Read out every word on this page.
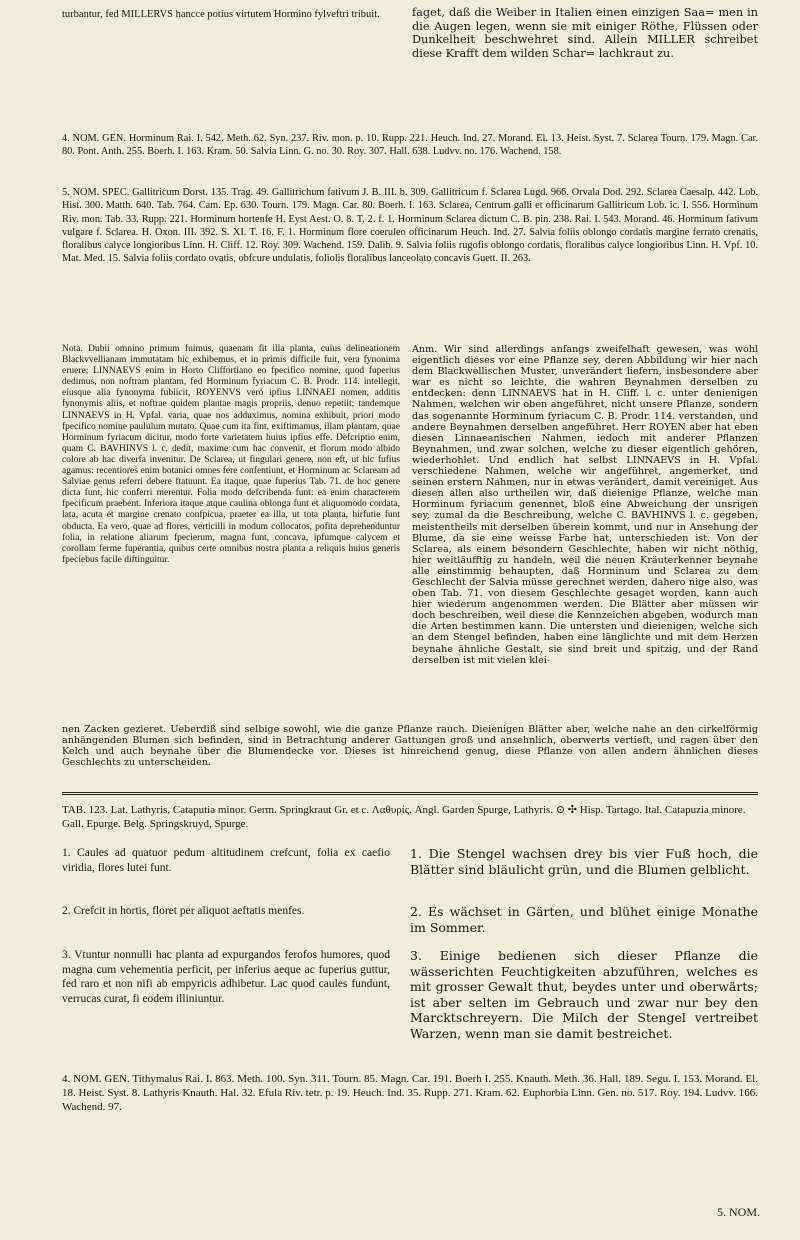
turbantur, fed MILLERVS hancce potius virtutem Hormino fylveftri tribuit.	faget, daß die Weiber in Italien einen einzigen Saa= men in die Augen legen, wenn sie mit einiger Röthe, Flüssen oder Dunkelheit beschwehret sind. Allein MILLER schreibet diese Krafft dem wilden Schar= lachkraut zu.
4. NOM. GEN. Horminum Rai. I. 542. Meth. 62. Syn. 237. Riv. mon. p. 10. Rupp. 221. Heuch. Ind. 27. Morand. El. 13. Heist. Syst. 7. Sclarea Tourn. 179. Magn. Car. 80. Pont. Anth. 255. Boerh. I. 163. Kram. 50. Salvia Linn. G. no. 30. Roy. 307. Hall. 638. Ludvv. no. 176. Wachend. 158.
5. NOM. SPEC. Gallitricum Dorst. 135. Trag. 49. Gallitrichum fativum J. B. III. b. 309. Gallitricum f. Sclarea Lugd. 966. Orvala Dod. 292. Sclarea Caesalp. 442. Lob. Hist. 300. Matth. 640. Tab. 764. Cam. Ep. 630. Tourn. 179. Magn. Car. 80. Boerh. I. 163. Sclarea, Centrum galli et officinarum Gallitricum Lob. ic. I. 556. Horminum Riv. mon. Tab. 33. Rupp. 221. Horminum hortenfe H. Eyst Aest. O. 8. T. 2. f. 1. Horminum Sclarea dictum C. B. pin. 238. Rai. I. 543. Morand. 46. Horminum fativum vulgare f. Sclarea. H. Oxon. III. 392. S. XI. T. 16. F. 1. Horminum flore coeruleo officinarum Heuch. Ind. 27. Salvia foliis oblongo cordatis margine ferrato crenatis, floralibus calyce longioribus Linn. H. Cliff. 12. Roy. 309. Wachend. 159. Dalib. 9. Salvia foliis rugofis oblongo cordatis, floralibus calyce longioribus Linn. H. Vpf. 10. Mat. Med. 15. Salvia foliis cordato ovatis, obfcure undulatis, foliolis floralibus lanceolato concavis Guett. II. 263.
Nota. Dubii omnino primum fuimus, quaenam fit illa planta, cuius delineationem Blackvvellianam immutatam hic exhibemus, et in primis difficile fuit, vera fynonima eruere; LINNAEVS enim in Horto Cliffortiano eo fpecifico nomine, quod fuperius dedimus, non noftram plantam, fed Horminum fyriacum C. B. Prodr. 114. intellegit, eiusque alia fynonyma fubiicit, ROYENVS veró ipfius LINNAEI nomen, additis fynonymis aliis, et noftrae quidem plantae magis propriis, denuo repetiit; tandemque LINNAEVS in H. Vpfal. varia, quae nos adduximus, nomina exhibuit, priori modo fpecifico nomine paululum mutato. Quae cum ita fint, exiftimamus, illam plantam, quae Horminum fyriacum dicitur, modo forte varietatem huius ipfius effe. Defcriptio enim, quam C. BAVHINVS l. c. dedit, maxime cum hac convenit, et florum modo albido colore ab hac diverfa invenitur. De Sclarea, ut fingulari genere, non eft, ut hic fufius agamus: recentiores enim botanici omnes fere confentiunt, et Horminum ac Sclaream ad Salviae genus referri debere ftatuunt. Ea itaque, quae fuperius Tab. 71. de hoc genere dicta funt, hic conferri merentur. Folia modo defcribenda funt: ea enim characterem fpecificum praebent. Inferiora itaque atque caulina oblonga funt et aliquomodo cordata, lata, acuta et margine crenato confpicua, praeter ea illa, ut tota planta, hirfutie funt obducta. Ea vero, quae ad flores, verticilli in modum collocatos, pofita deprehenduntur folia, in relatione aliarum fpecierum, magna funt, concava, ipfumque calycem et corollam ferme fuperantia, quibus certe omnibus nostra planta a reliquis huius generis fpeciebus facile diftinguitur.
Anm. Wir sind allerdings anfangs zweifelhaft gewesen, was wohl eigentlich dieses vor eine Pflanze sey, deren Abbildung wir hier nach dem Blackwellischen Muster, unverändert liefern, insbesondere aber war es nicht so leichte, die wahren Beynahmen derselben zu entdecken: denn LINNAEVS hat in H. Cliff. l. c. unter denienigen Nahmen, welchen wir oben angeführet, nicht unsere Pflanze, sondern das sogenannte Horminum fyriacum C. B. Prodr. 114. verstanden, und andere Beynahmen derselben angeführet. Herr ROYEN aber hat eben diesen Linnaeanischen Nahmen, iedoch mit anderer Pflanzen Beynahmen, und zwar solchen, welche zu dieser eigentlich gehören, wiederhohlet. Und endlich hat selbst LINNAEVS in H. Vpfal. verschiedene Nahmen, welche wir angeführet, angemerket, und seinen erstern Nahmen, nur in etwas verändert, damit vereiniget. Aus diesen allen also urtheilen wir, daß dieienige Pflanze, welche man Horminum fyriacum genennet, bloß eine Abweichung der unsrigen sey, zumal da die Beschreibung, welche C. BAVHINVS l. c. gegeben, meistentheils mit derselben überein kommt, und nur in Ansehung der Blume, da sie eine weisse Farbe hat, unterschieden ist. Von der Sclarea, als einem besondern Geschlechte, haben wir nicht nöthig, hier weitläufftig zu handeln, weil die neuen Kräuterkenner beynahe alle einstimmig behaupten, daß Horminum und Sclarea zu dem Geschlecht der Salvia müsse gerechnet werden, dahero nige also, was oben Tab. 71. von diesem Geschlechte gesaget worden, kann auch hier wiederum angenommen werden. Die Blätter aber müssen wir doch beschreiben, weil diese die Kennzeichen abgeben, wodurch man die Arten bestimmen kann. Die untersten und dieienigen, welche sich an dem Stengel befinden, haben eine länglichte und mit dem Herzen beynahe ähnliche Gestalt, sie sind breit und spitzig, und der Rand derselben ist mit vielen klei-
nen Zacken gezieret. Ueberdiß sind selbige sowohl, wie die ganze Pflanze rauch. Dieienigen Blätter aber, welche nahe an den cirkelförmig anhängenden Blumen sich befinden, sind in Betrachtung anderer Gattungen groß und ansehnlich, oberwerts vertieft, und ragen über den Kelch und auch beynahe über die Blumendecke vor. Dieses ist hinreichend genug, diese Pflanze von allen andern ähnlichen dieses Geschlechts zu unterscheiden.
TAB. 123. Lat. Lathyris, Cataputia minor. Germ. Springkraut Gr. et c. Λαθυρίς. Angl. Garden Spurge, Lathyris. ⊙ ✣ Hisp. Tartago. Ital. Catapuzia minore. Gall. Epurge. Belg. Springskruyd, Spurge.
1. Caules ad quatuor pedum altitudinem crefcunt, folia ex caefio viridia, flores lutei funt.
1. Die Stengel wachsen drey bis vier Fuß hoch, die Blätter sind bläulicht grün, und die Blumen gelblicht.
2. Crefcit in hortis, floret per aliquot aeftatis menfes.	2. Es wächset in Gärten, und blühet einige Monathe im Sommer.
3. Vtuntur nonnulli hac planta ad expurgandos ferofos humores, quod magna cum vehementia perficit, per inferius aeque ac fuperius guttur, fed raro et non nifi ab empyricis adhibetur. Lac quod caules fundunt, verrucas curat, fi eodem illiniuntur.
3. Einige bedienen sich dieser Pflanze die wässerichten Feuchtigkeiten abzuführen, welches es mit grosser Gewalt thut, beydes unter und oberwärts; ist aber selten im Gebrauch und zwar nur bey den Marcktschreyern. Die Milch der Stengel vertreibet Warzen, wenn man sie damit bestreichet.
4. NOM. GEN. Tithymalus Rai. I. 863. Meth. 100. Syn. 311. Tourn. 85. Magn. Car. 191. Boerh I. 255. Knauth. Meth. 36. Hall. 189. Segu. I. 153. Morand. El. 18. Heist. Syst. 8. Lathyris Knauth. Hal. 32. Efula Riv. tetr. p. 19. Heuch. Ind. 35. Rupp. 271. Kram. 62. Euphorbia Linn. Gen. no. 517. Roy. 194. Ludvv. 166. Wachend. 97.
5. NOM.
